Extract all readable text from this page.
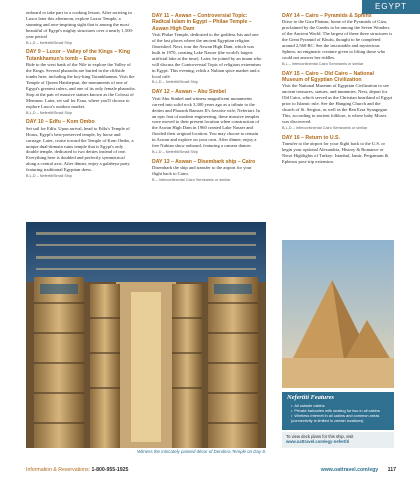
EGYPT

onboard or take part in a cooking lesson. After arriving in Luxor later this afternoon, explore Luxor Temple, a stunning and awe-inspiring sight that is among the most beautiful of Egypt's mighty structures over a nearly 1,500-year period

B,L,D – Nefertiti/Small Ship
DAY 9 – Luxor – Valley of the Kings – King Tutankhamun's tomb – Esna

Ride to the west bank of the Nile to explore the Valley of the Kings. Several pharaohs are buried in the cliffside tombs here, including the boy-king Tutankhamun. Visit the Temple of Queen Hatshepsut, the monuments of one of Egypt's greatest rulers, and one of its only female pharaohs. Stop at the pair of massive statues known as the Colossi of Memnon. Later, set sail for Esna, where you'll choose to explore Luxor's outdoor market.

B,L,D – Nefertiti/Small Ship
DAY 10 – Edfu – Kom Ombo

Set sail for Edfu. Upon arrival, head to Edfu's Temple of Horus, Egypt's best-preserved temple, by horse and carriage. Later, cruise toward the Temple of Kom Ombo, a unique dual-domain ruins temple that is Egypt's only double temple, dedicated to two deities instead of one. Everything here is doubled and perfectly symmetrical along a central axis. After dinner, enjoy a galabeya party featuring traditional Egyptian dress.

B,L,D – Nefertiti/Small Ship
DAY 11 – Aswan – Controversial Topic: Radical Islam in Egypt – Philae Temple – Aswan High Dam

Visit Philae Temple, dedicated to the goddess Isis and one of the last places where the ancient Egyptian religion flourished. Next, tour the Aswan High Dam, which was built in 1970, creating Lake Nasser (the world's largest artificial lake at the time). Later, be joined by an imam who will discuss the Controversial Topic of religious extremism in Egypt. This evening, relish a Nubian spice market and a local café.

B,L,D – Nefertiti/Small Ship
DAY 12 – Aswan – Abu Simbel

Visit Abu Simbel and witness magnificent monuments carved into solid rock 3,300 years ago as a tribute to the deities and Pharaoh Ramses II's favorite wife, Nefertari. In an epic feat of modern engineering, these massive temples were moved to their present location when construction of the Aswan High Dam in 1960 created Lake Nasser and flooded their original location. You may choose to remain in Aswan and explore on your own. After dinner, enjoy a free Nubian show onboard, featuring a camera dancer.

B,L,D – Nefertiti/Small Ship
DAY 13 – Aswan – Disembark ship – Cairo

Disembark the ship and transfer to the airport for your flight back to Cairo.

B – Intercontinental Cairo Semiramis or similar
DAY 14 – Cairo – Pyramids & Sphinx

Drive to the Giza Plateau, home of the Pyramids of Giza, proclaimed by the Greeks to be among the Seven Wonders of the Ancient World. The largest of these three structures is the Great Pyramid of Khufu, thought to be completed around 2,560 BC. See the inscrutable and mysterious Sphinx, an enigmatic creature given to lifting those who could not answer her riddles.

B,L – Intercontinental Cairo Semiramis or similar
DAY 15 – Cairo – Old Cairo – National Museum of Egyptian Civilization

Visit the National Museum of Egyptian Civilization to see ancient treasures, statues, and mummies. Next, depart for Old Cairo, which served as the Christian heartland of Egypt prior to Islamic rule. See the Hanging Church and the church of St. Sergius, as well as the Ben Ezra Synagogue. This, according to ancient folklore, is where baby Moses was discovered.

B,L,D – Intercontinental Cairo Semiramis or similar
DAY 16 – Return to U.S.

Transfer to the airport for your flight back to the U.S. or begin your optional Alexandria, History & Romance or Nerot Highlights of Turkey: Istanbul, Izmir, Pergamum & Ephesus post-trip extension.

Witness the intricately painted décor of Dendera Temple on Day 8.
Nefertiti Features
• All outside cabins
• Private balconies with seating for two in all cabins
• Wireless Internet in all cabins and common areas (connectivity is limited in certain locations)
To view deck plans for this ship, visit
www.oattravel.com/egy-nefertiti
Information & Reservations: 1-800-955-1925	www.oattravel.com/egy 117
